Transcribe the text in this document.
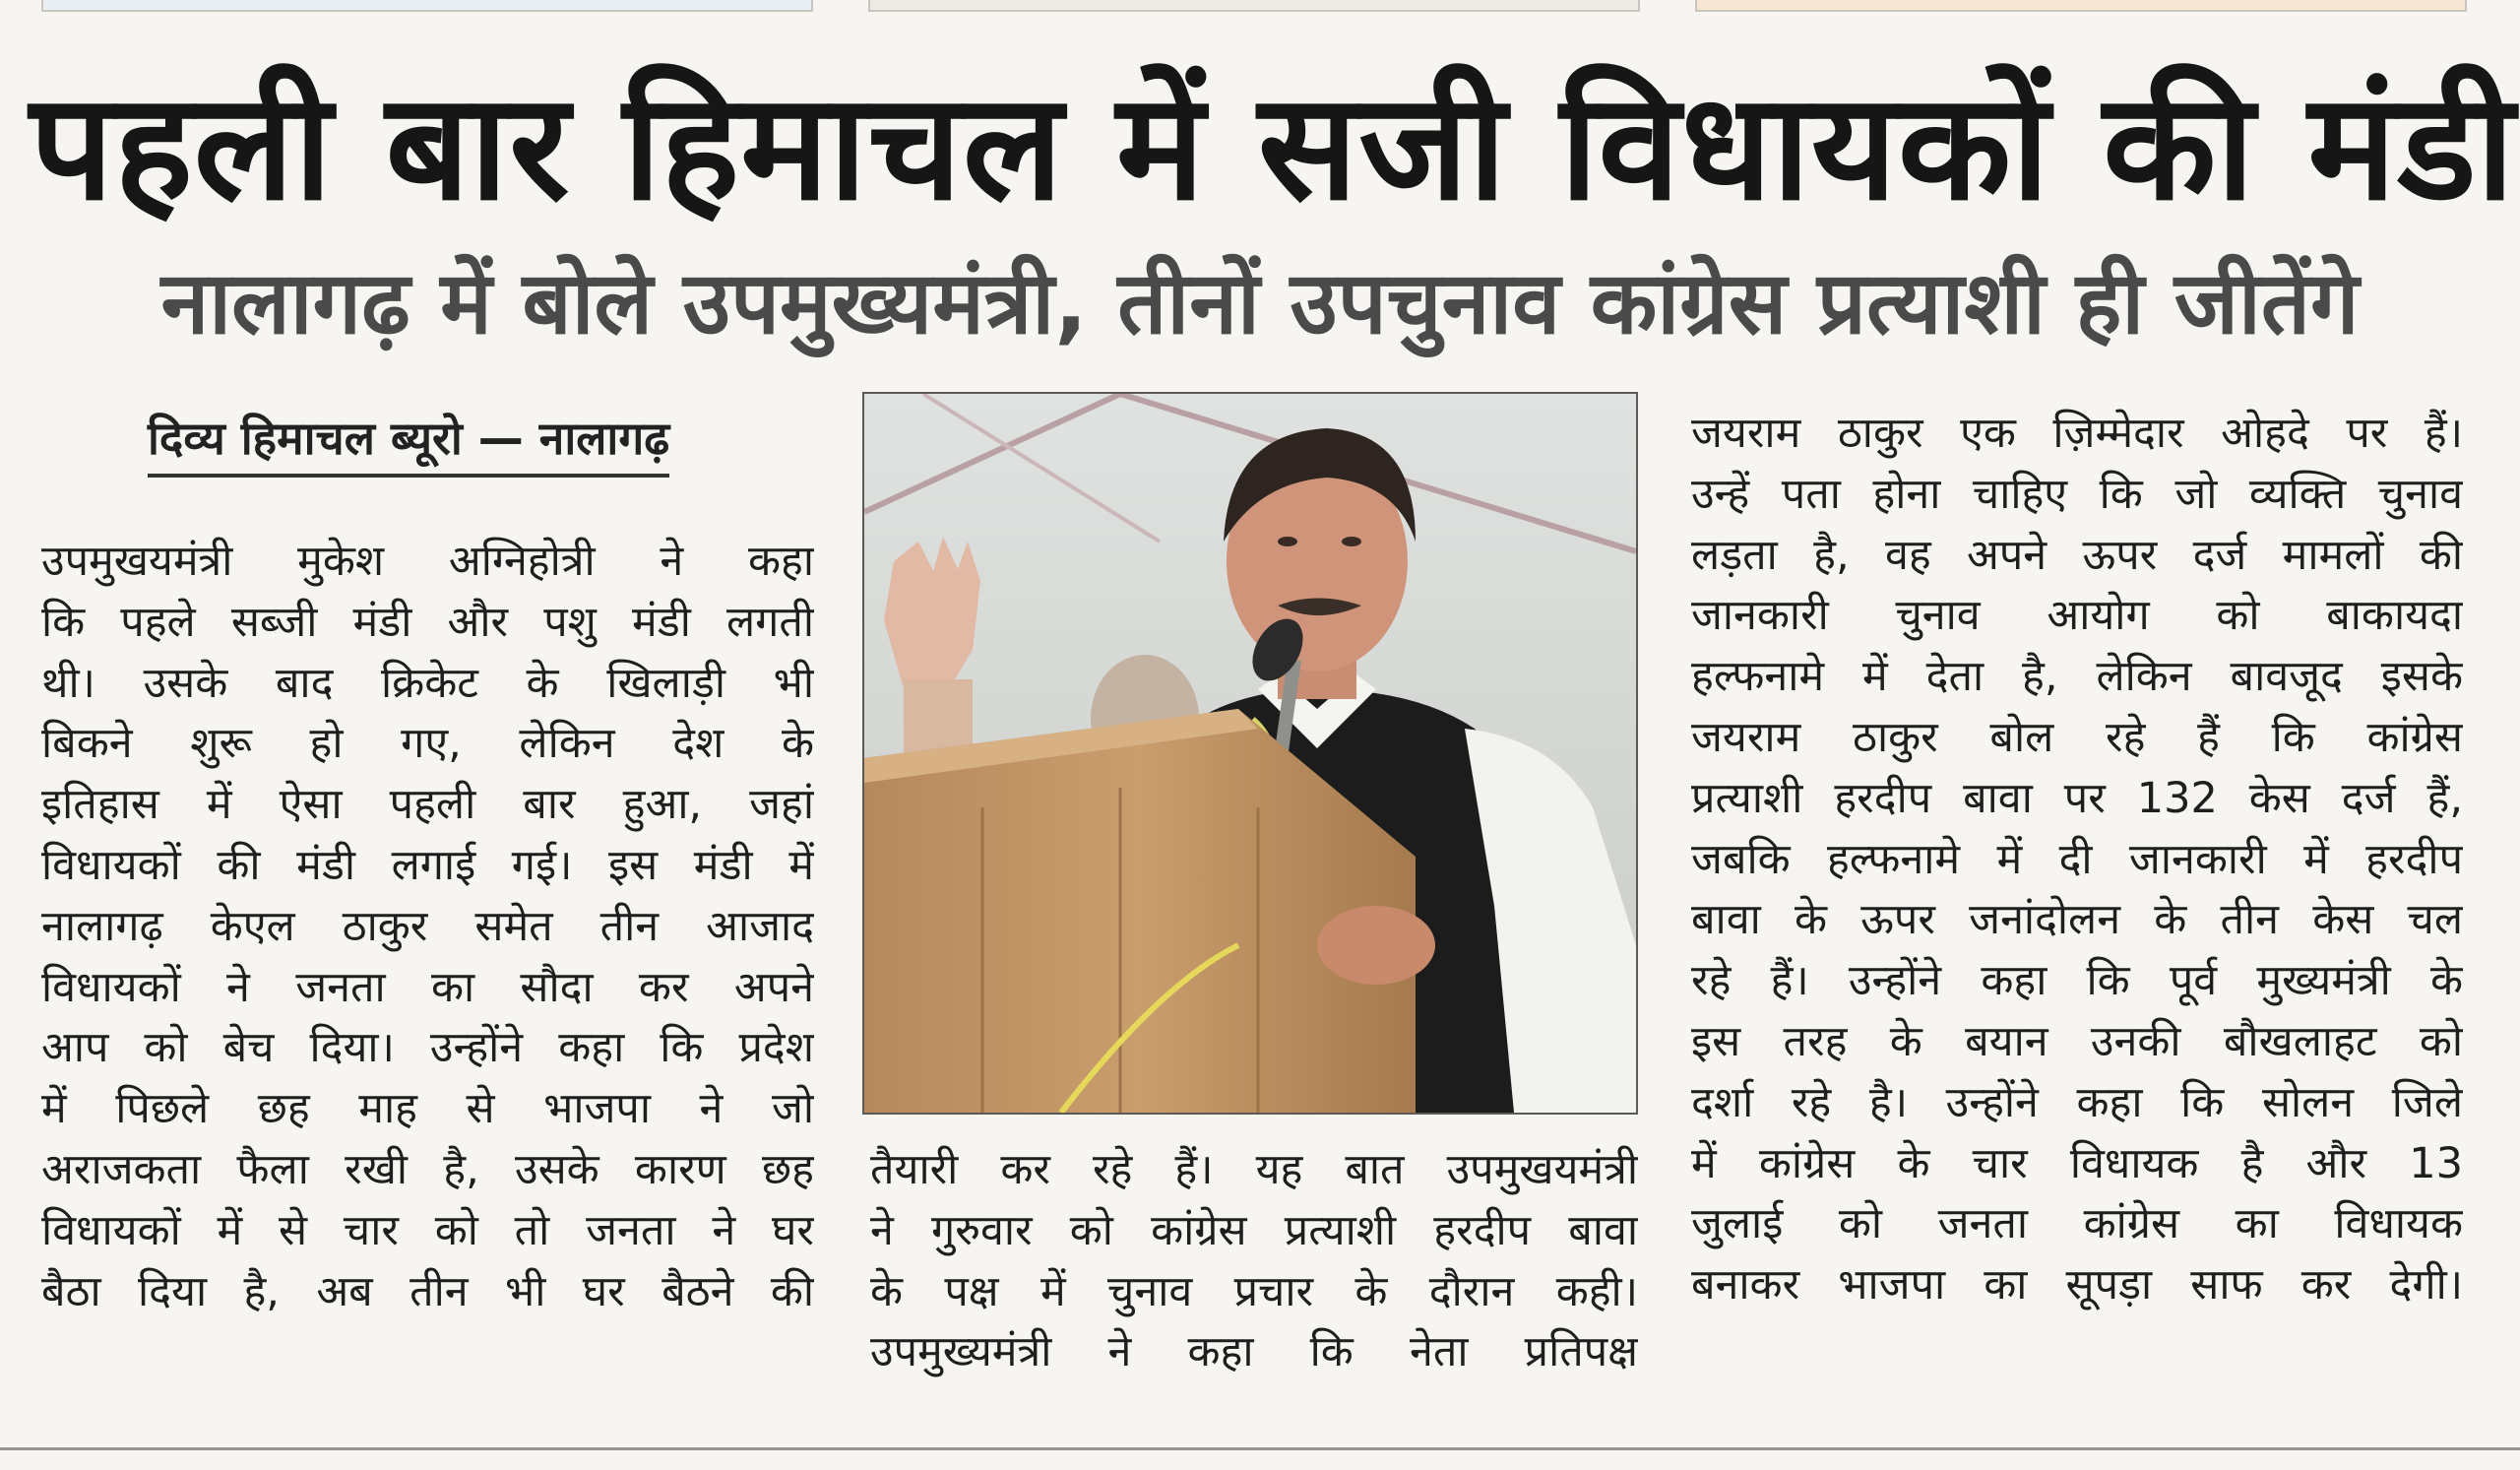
पहली बार हिमाचल में सजी विधायकों की मंडी
नालागढ़ में बोले उपमुख्यमंत्री, तीनों उपचुनाव कांग्रेस प्रत्याशी ही जीतेंगे
दिव्य हिमाचल ब्यूरो — नालागढ़
उपमुखयमंत्री मुकेश अग्निहोत्री ने कहा
कि पहले सब्जी मंडी और पशु मंडी लगती
थी। उसके बाद क्रिकेट के खिलाड़ी भी
बिकने शुरू हो गए, लेकिन देश के
इतिहास में ऐसा पहली बार हुआ, जहां
विधायकों की मंडी लगाई गई। इस मंडी में
नालागढ़ केएल ठाकुर समेत तीन आजाद
विधायकों ने जनता का सौदा कर अपने
आप को बेच दिया। उन्होंने कहा कि प्रदेश
में पिछले छह माह से भाजपा ने जो
अराजकता फैला रखी है, उसके कारण छह
विधायकों में से चार को तो जनता ने घर
बैठा दिया है, अब तीन भी घर बैठने की
तैयारी कर रहे हैं। यह बात उपमुखयमंत्री
ने गुरुवार को कांग्रेस प्रत्याशी हरदीप बावा
के पक्ष में चुनाव प्रचार के दौरान कही।
उपमुख्यमंत्री ने कहा कि नेता प्रतिपक्ष
जयराम ठाकुर एक ज़िम्मेदार ओहदे पर हैं।
उन्हें पता होना चाहिए कि जो व्यक्ति चुनाव
लड़ता है, वह अपने ऊपर दर्ज मामलों की
जानकारी चुनाव आयोग को बाकायदा
हल्फनामे में देता है, लेकिन बावजूद इसके
जयराम ठाकुर बोल रहे हैं कि कांग्रेस
प्रत्याशी हरदीप बावा पर 132 केस दर्ज हैं,
जबकि हल्फनामे में दी जानकारी में हरदीप
बावा के ऊपर जनांदोलन के तीन केस चल
रहे हैं। उन्होंने कहा कि पूर्व मुख्यमंत्री के
इस तरह के बयान उनकी बौखलाहट को
दर्शा रहे है। उन्होंने कहा कि सोलन जिले
में कांग्रेस के चार विधायक है और 13
जुलाई को जनता कांग्रेस का विधायक
बनाकर भाजपा का सूपड़ा साफ कर देगी।
